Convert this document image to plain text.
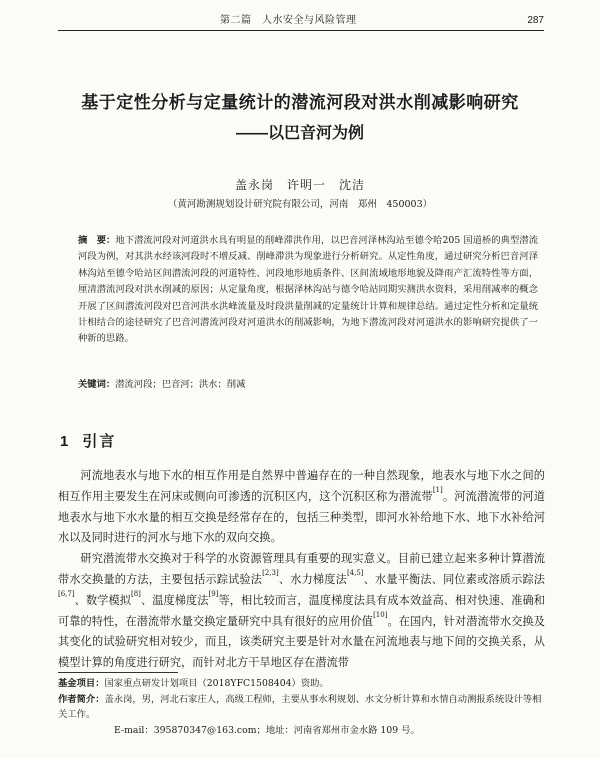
第二篇　人水安全与风险管理	287
基于定性分析与定量统计的潜流河段对洪水削减影响研究
——以巴音河为例
盖永岗　许明一　沈洁
（黄河勘测规划设计研究院有限公司，河南　郑州　450003）
摘　要：地下潜流河段对河道洪水具有明显的削峰滞洪作用，以巴音河泽林沟站至德令哈205 国道桥的典型潜流河段为例，对其洪水经该河段时不增反减、削峰滞洪为现象进行分析研究。从定性角度，通过研究分析巴音河泽林沟站至德令哈站区间潜流河段的河道特性、河段地形地质条件、区间流域地形地貌及降雨产汇流特性等方面，厘清潜流河段对洪水削减的原因；从定量角度，根据泽林沟站与德令哈站同期实测洪水资料，采用削减率的概念开展了区间潜流河段对巴音河洪水洪峰流量及时段洪量削减的定量统计计算和规律总结。通过定性分析和定量统计相结合的途径研究了巴音河潜流河段对河道洪水的削减影响，为地下潜流河段对河道洪水的影响研究提供了一种新的思路。
关键词：潜流河段；巴音河；洪水；削减
1 引言

河流地表水与地下水的相互作用是自然界中普遍存在的一种自然现象，地表水与地下水之间的相互作用主要发生在河床或侧向可渗透的沉积区内，这个沉积区称为潜流带[1]。河流潜流带的河道地表水与地下水水量的相互交换是经常存在的，包括三种类型，即河水补给地下水、地下水补给河水以及同时进行的河水与地下水的双向交换。

研究潜流带水交换对于科学的水资源管理具有重要的现实意义。目前已建立起来多种计算潜流带水交换量的方法，主要包括示踪试验法[2,3]、水力梯度法[4,5]、水量平衡法、同位素或溶质示踪法[6,7]、数学模拟[8]、温度梯度法[9]等，相比较而言，温度梯度法具有成本效益高、相对快速、准确和可靠的特性，在潜流带水量交换定量研究中具有很好的应用价值[10]。在国内，针对潜流带水交换及其变化的试验研究相对较少，而且，该类研究主要是针对水量在河流地表与地下间的交换关系，从模型计算的角度进行研究，而针对北方干旱地区存在潜流带

基金项目：国家重点研发计划项目（2018YFC1508404）资助。
作者简介：盖永岗，男，河北石家庄人，高级工程师，主要从事水利规划、水文分析计算和水情自动测报系统设计等相关工作。
E-mail：395870347@163.com；地址：河南省郑州市金水路 109 号。
